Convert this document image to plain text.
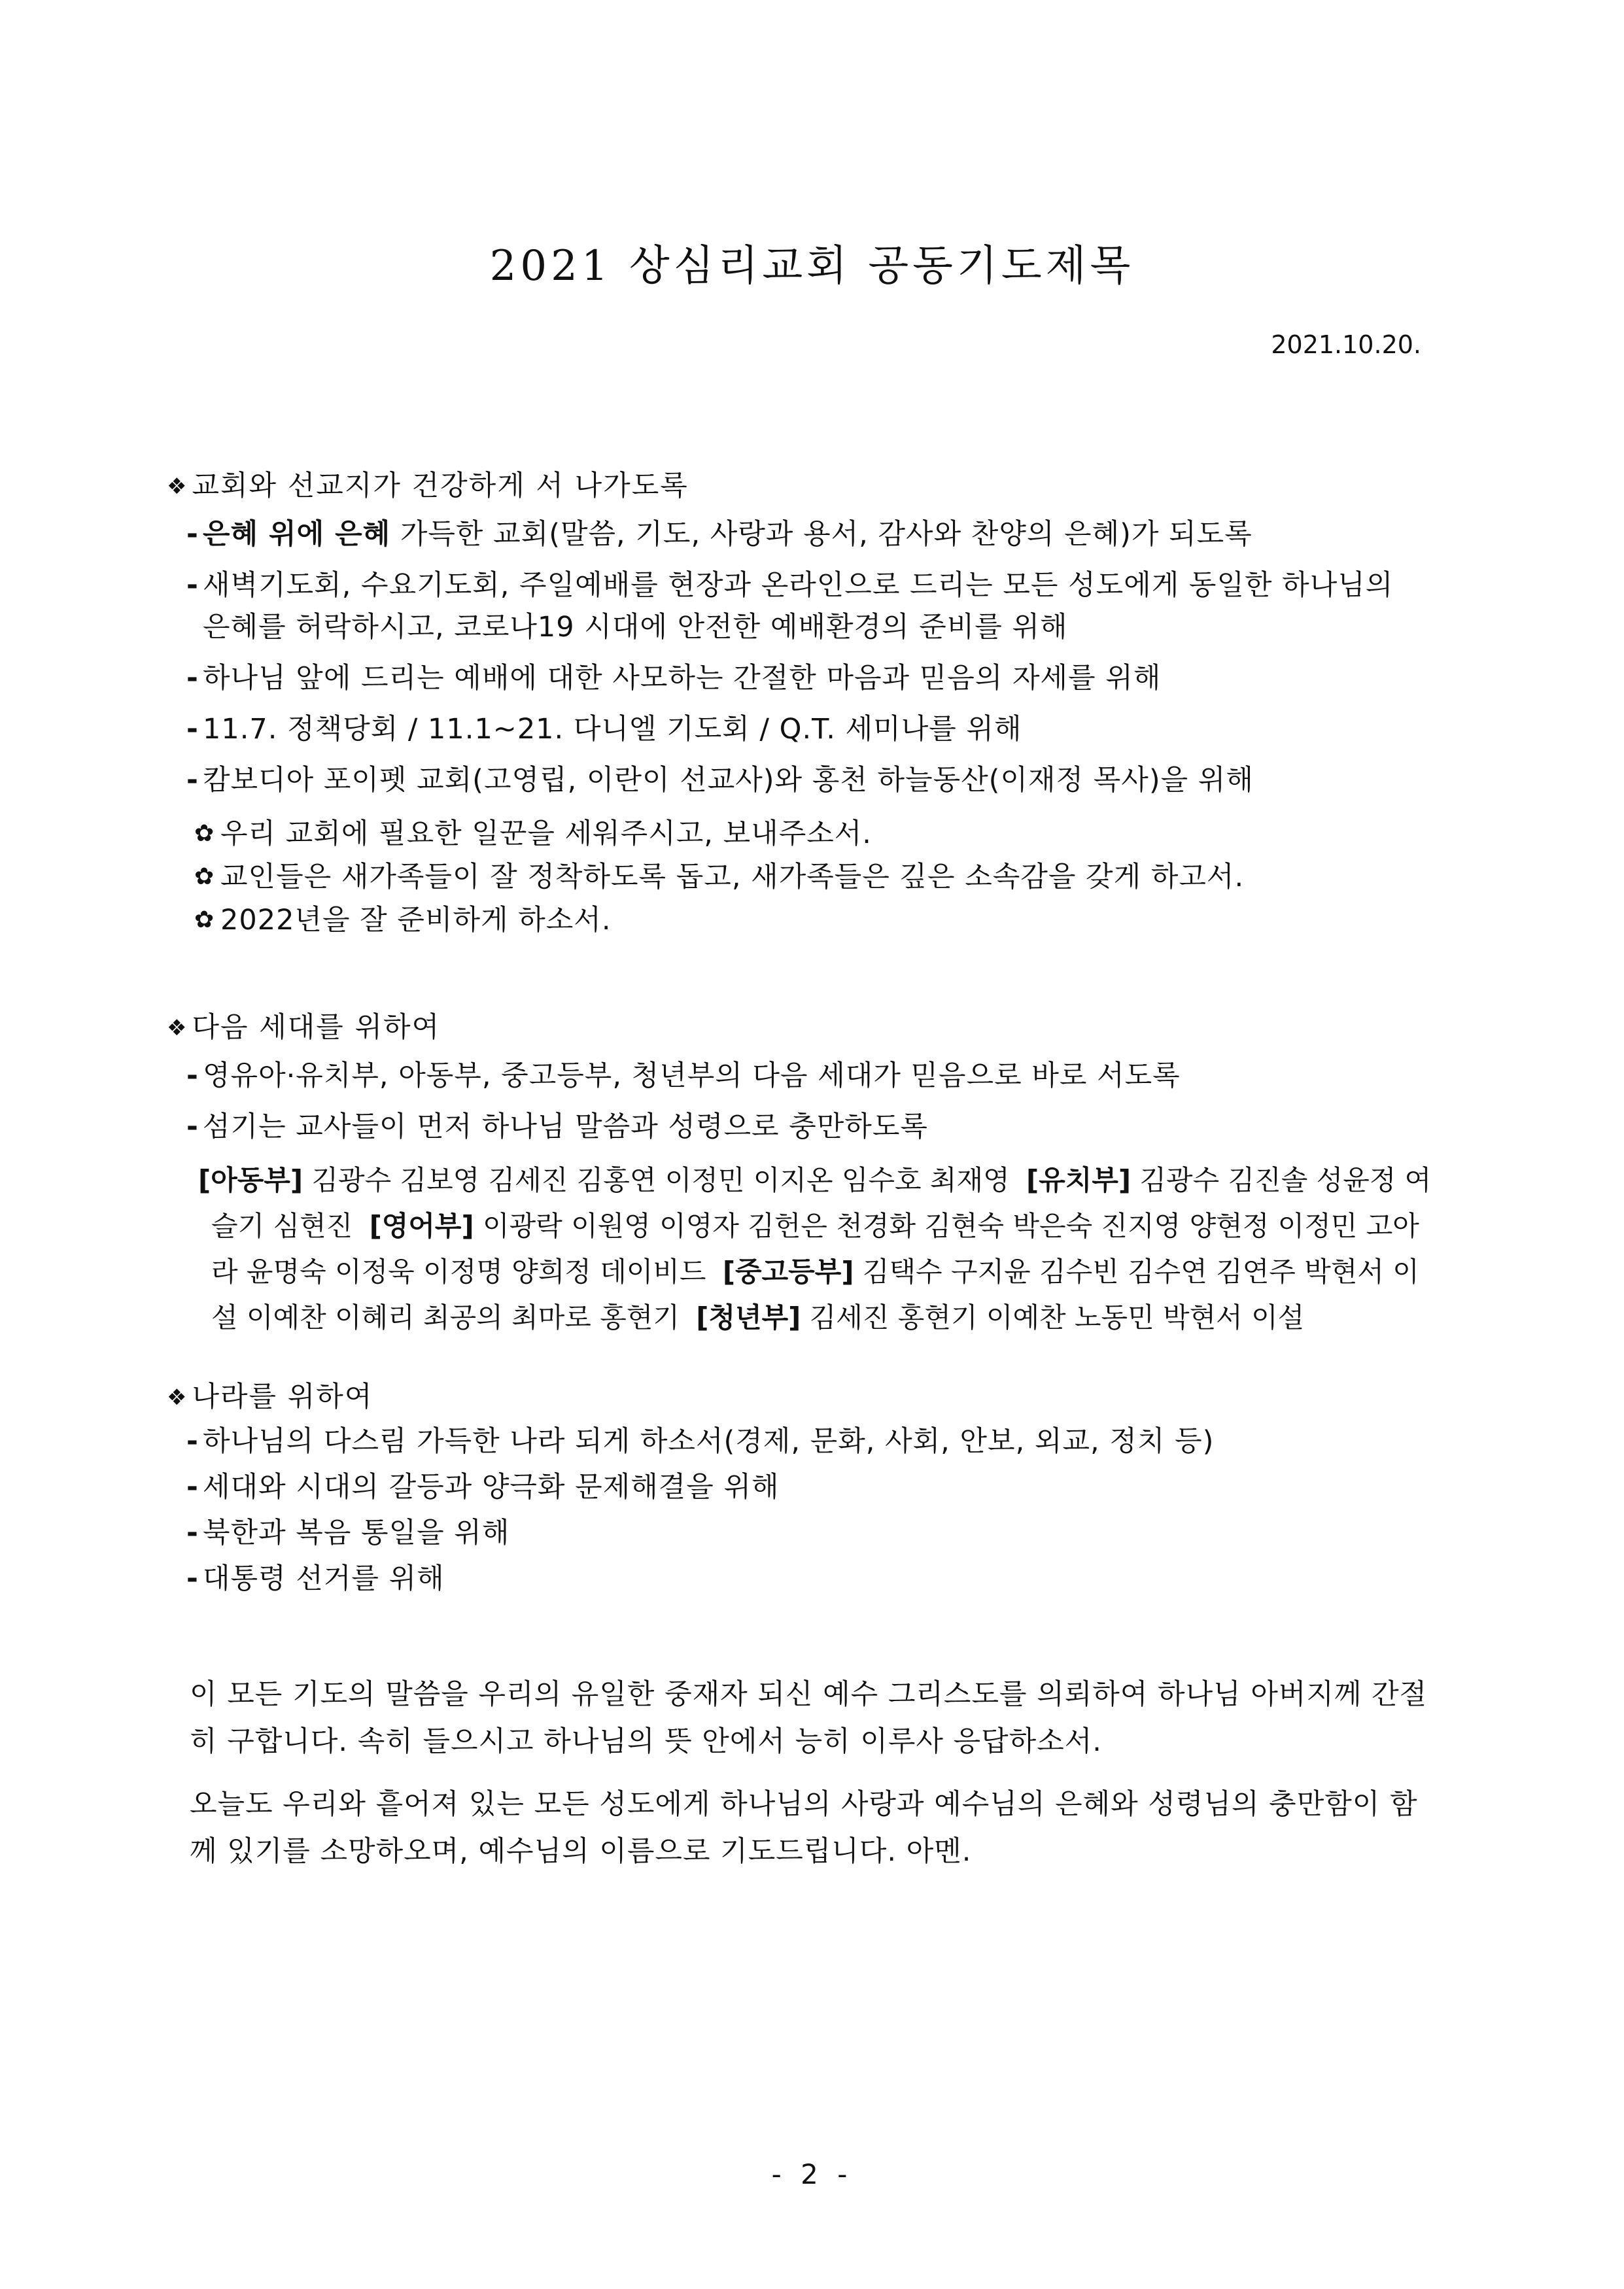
2021 상심리교회 공동기도제목
2021.10.20.
❖ 교회와 선교지가 건강하게 서 나가도록
- 은혜 위에 은혜 가득한 교회(말씀, 기도, 사랑과 용서, 감사와 찬양의 은혜)가 되도록
- 새벽기도회, 수요기도회, 주일예배를 현장과 온라인으로 드리는 모든 성도에게 동일한 하나님의
은혜를 허락하시고, 코로나19 시대에 안전한 예배환경의 준비를 위해
- 하나님 앞에 드리는 예배에 대한 사모하는 간절한 마음과 믿음의 자세를 위해
- 11.7. 정책당회 / 11.1~21. 다니엘 기도회 / Q.T. 세미나를 위해
- 캄보디아 포이펫 교회(고영립, 이란이 선교사)와 홍천 하늘동산(이재정 목사)을 위해
✿ 우리 교회에 필요한 일꾼을 세워주시고, 보내주소서.
✿ 교인들은 새가족들이 잘 정착하도록 돕고, 새가족들은 깊은 소속감을 갖게 하고서.
✿ 2022년을 잘 준비하게 하소서.
❖ 다음 세대를 위하여
- 영유아·유치부, 아동부, 중고등부, 청년부의 다음 세대가 믿음으로 바로 서도록
- 섬기는 교사들이 먼저 하나님 말씀과 성령으로 충만하도록
[아동부] 김광수 김보영 김세진 김홍연 이정민 이지온 임수호 최재영 [유치부] 김광수 김진솔 성윤정 여슬기 심현진 [영어부] 이광락 이원영 이영자 김헌은 천경화 김현숙 박은숙 진지영 양현정 이정민 고아라 윤명숙 이정욱 이정명 양희정 데이비드 [중고등부] 김택수 구지윤 김수빈 김수연 김연주 박현서 이설 이예찬 이혜리 최공의 최마로 홍현기 [청년부] 김세진 홍현기 이예찬 노동민 박현서 이설
❖ 나라를 위하여
- 하나님의 다스림 가득한 나라 되게 하소서(경제, 문화, 사회, 안보, 외교, 정치 등)
- 세대와 시대의 갈등과 양극화 문제해결을 위해
- 북한과 복음 통일을 위해
- 대통령 선거를 위해

이 모든 기도의 말씀을 우리의 유일한 중재자 되신 예수 그리스도를 의뢰하여 하나님 아버지께 간절히 구합니다. 속히 들으시고 하나님의 뜻 안에서 능히 이루사 응답하소서.

오늘도 우리와 흩어져 있는 모든 성도에게 하나님의 사랑과 예수님의 은혜와 성령님의 충만함이 함께 있기를 소망하오며, 예수님의 이름으로 기도드립니다. 아멘.

- 2 -
